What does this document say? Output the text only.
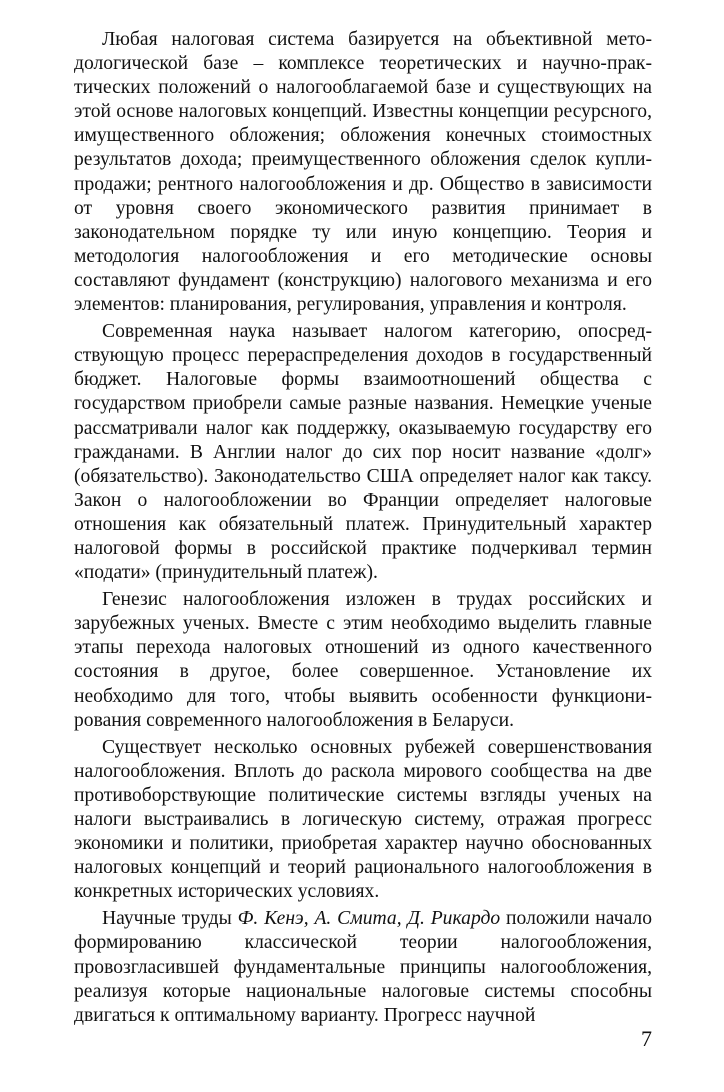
Любая налоговая система базируется на объективной методологической базе – комплексе теоретических и научно-практических положений о налогооблагаемой базе и существующих на этой основе налоговых концепций. Известны концепции ресурсного, имущественного обложения; обложения конечных стоимостных результатов дохода; преимущественного обложения сделок купли-продажи; рентного налогообложения и др. Общество в зависимости от уровня своего экономического развития принимает в законодательном порядке ту или иную концепцию. Теория и методология налогообложения и его методические основы составляют фундамент (конструкцию) налогового механизма и его элементов: планирования, регулирования, управления и контроля.

Современная наука называет налогом категорию, опосредствующую процесс перераспределения доходов в государственный бюджет. Налоговые формы взаимоотношений общества с государством приобрели самые разные названия. Немецкие ученые рассматривали налог как поддержку, оказываемую государству его гражданами. В Англии налог до сих пор носит название «долг» (обязательство). Законодательство США определяет налог как таксу. Закон о налогообложении во Франции определяет налоговые отношения как обязательный платеж. Принудительный характер налоговой формы в российской практике подчеркивал термин «подати» (принудительный платеж).

Генезис налогообложения изложен в трудах российских и зарубежных ученых. Вместе с этим необходимо выделить главные этапы перехода налоговых отношений из одного качественного состояния в другое, более совершенное. Установление их необходимо для того, чтобы выявить особенности функционирования современного налогообложения в Беларуси.

Существует несколько основных рубежей совершенствования налогообложения. Вплоть до раскола мирового сообщества на две противоборствующие политические системы взгляды ученых на налоги выстраивались в логическую систему, отражая прогресс экономики и политики, приобретая характер научно обоснованных налоговых концепций и теорий рационального налогообложения в конкретных исторических условиях.

Научные труды Ф. Кенэ, А. Смита, Д. Рикардо положили начало формированию классической теории налогообложения, провозгласившей фундаментальные принципы налогообложения, реализуя которые национальные налоговые системы способны двигаться к оптимальному варианту. Прогресс научной

7
